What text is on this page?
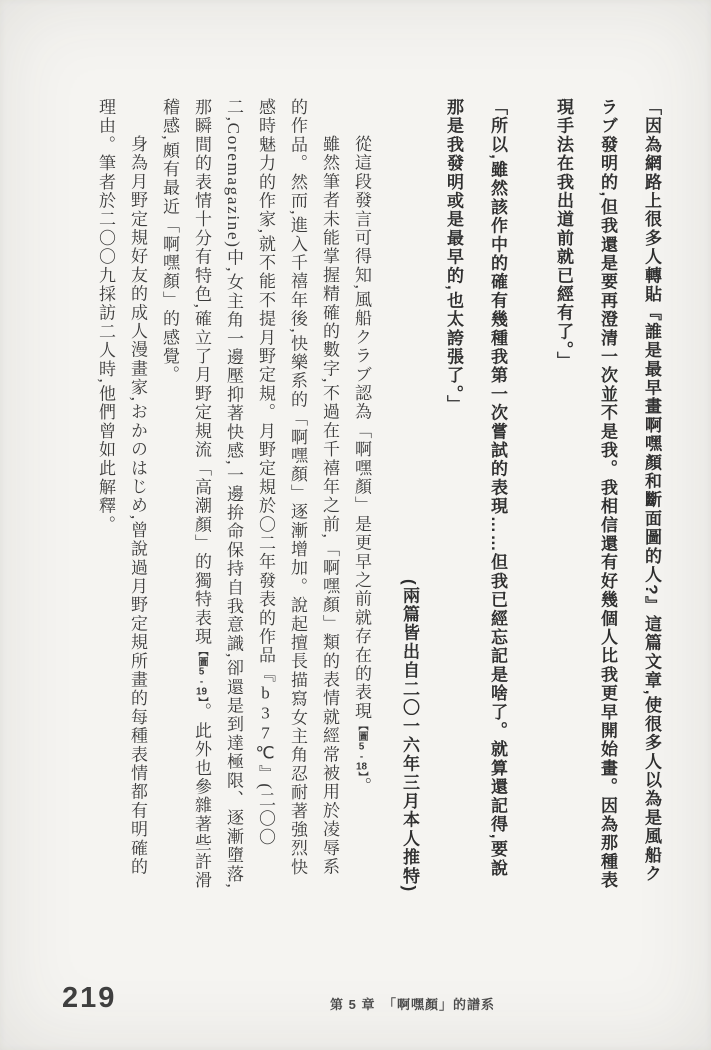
「因為網路上很多人轉貼『誰是最早畫啊嘿顏和斷面圖的人?』這篇文章,使很多人以為是風船クラブ發明的,但我還是要再澄清一次並不是我。我相信還有好幾個人比我更早開始畫。因為那種表現手法在我出道前就已經有了。」

「所以,雖然該作中的確有幾種我第一次嘗試的表現……但我已經忘記是啥了。就算還記得,要說那是我發明或是最早的,也太誇張了。」

(兩篇皆出自二〇一六年三月本人推特)

從這段發言可得知,風船クラブ認為「啊嘿顏」是更早之前就存在的表現【圖5-18】。

雖然筆者未能掌握精確的數字,不過在千禧年之前,「啊嘿顏」類的表情就經常被用於凌辱系的作品。然而,進入千禧年後,快樂系的「啊嘿顏」逐漸增加。說起擅長描寫女主角忍耐著強烈快感時魅力的作家,就不能不提月野定規。月野定規於〇二年發表的作品『b37℃』(二〇〇二,Coremagazine)中,女主角一邊壓抑著快感,一邊拚命保持自我意識,卻還是到達極限、逐漸墮落,那瞬間的表情十分有特色,確立了月野定規流「高潮顏」的獨特表現【圖5-19】。此外也參雜著些許滑稽感,頗有最近「啊嘿顏」的感覺。

身為月野定規好友的成人漫畫家,おかのはじめ,曾說過月野定規所畫的每種表情都有明確的理由。筆者於二〇〇九採訪二人時,他們曾如此解釋。

219	第 5 章　「啊嘿顏」的譜系
